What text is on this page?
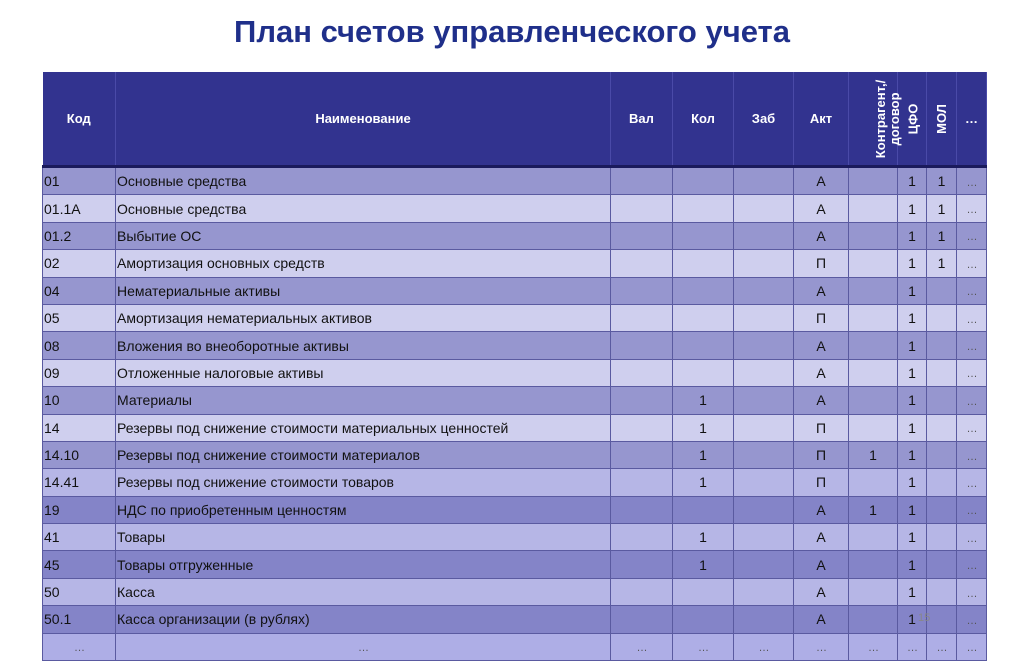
План счетов управленческого учета
Код	Наименование	Вал	Кол	Заб	Акт	Контрагент,/
договор	ЦФО	МОЛ	…
01	Основные средства				А		1	1	…
01.1А	Основные средства				А		1	1	…
01.2	Выбытие ОС				А		1	1	…
02	Амортизация основных средств				П		1	1	…
04	Нематериальные активы				А		1		…
05	Амортизация нематериальных активов				П		1		…
08	Вложения во внеоборотные активы				А		1		…
09	Отложенные налоговые активы				А		1		…
10	Материалы		1		А		1		…
14	Резервы под снижение стоимости материальных ценностей		1		П		1		…
14.10	Резервы под снижение стоимости материалов		1		П	1	1		…
14.41	Резервы под снижение стоимости товаров		1		П		1		…
19	НДС по приобретенным ценностям				А	1	1		…
41	Товары		1		А		1		…
45	Товары отгруженные		1		А		1		…
50	Касса				А		1		…
50.1	Касса организации (в рублях)				А		1		…
…	…	…	…	…	…	…	…	…	…
15
